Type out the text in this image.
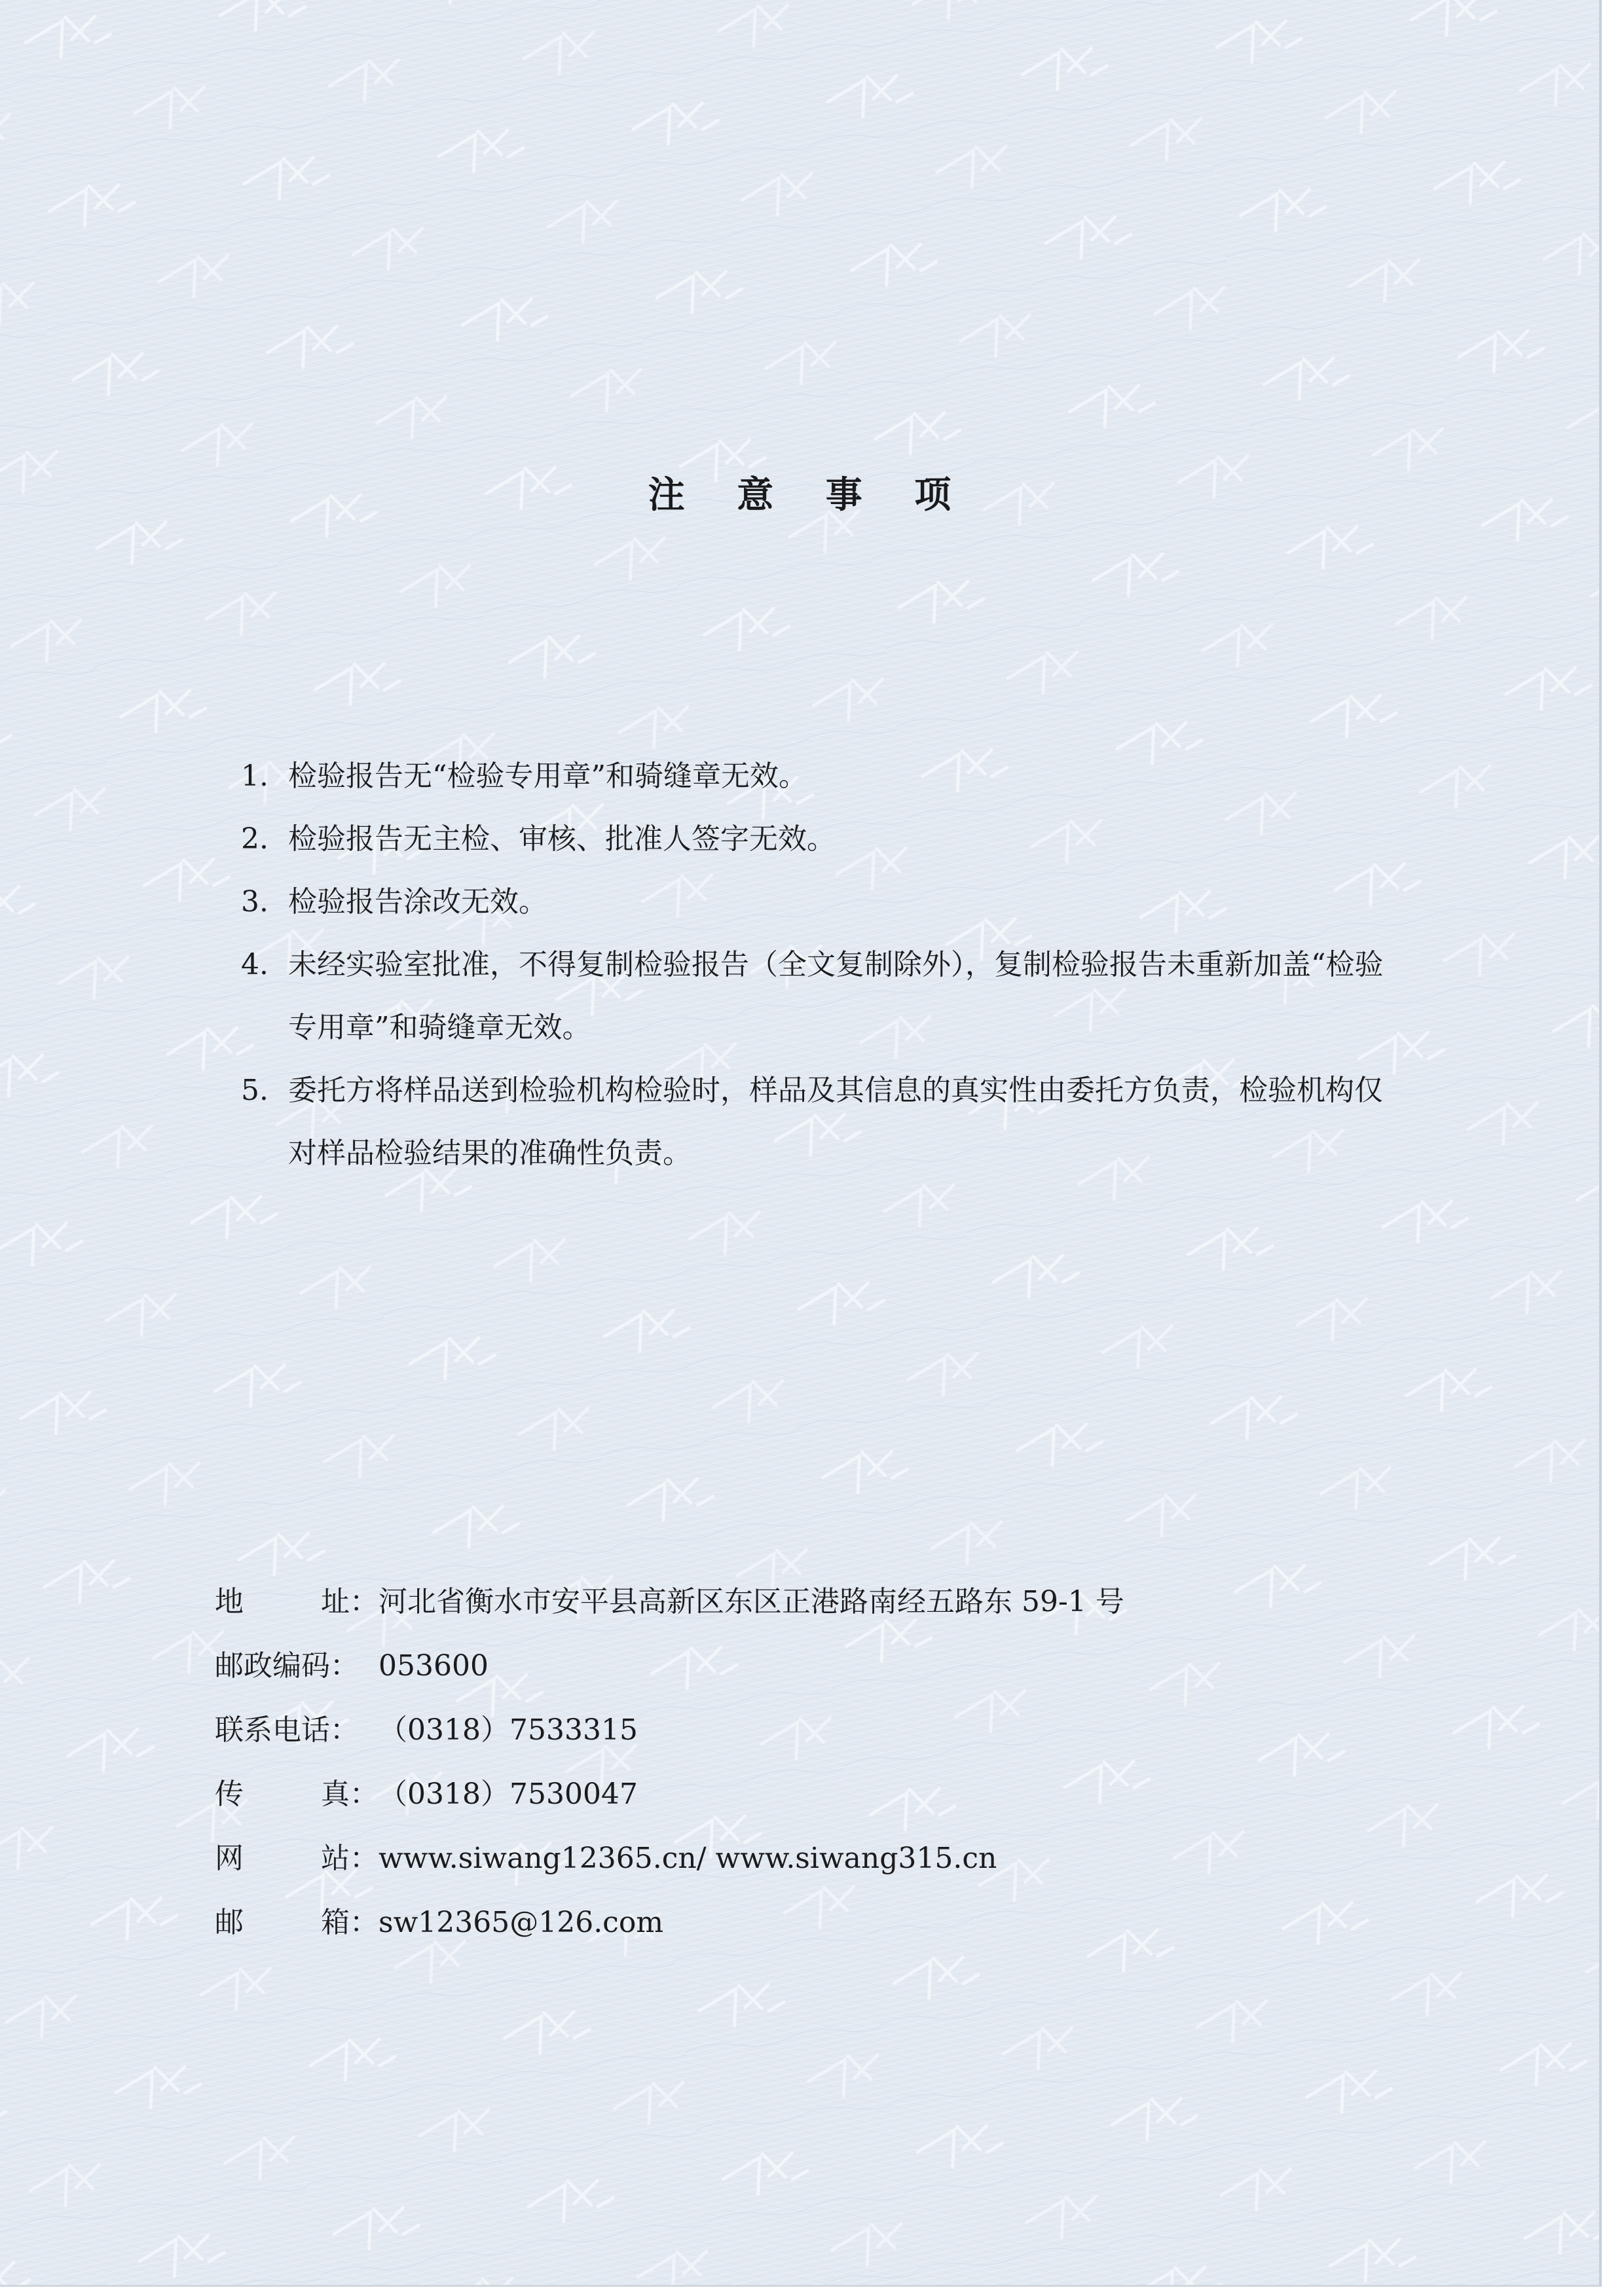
注 意 事 项
1. 检验报告无“检验专用章”和骑缝章无效。
2. 检验报告无主检、审核、批准人签字无效。
3. 检验报告涂改无效。
4. 未经实验室批准，不得复制检验报告（全文复制除外），复制检验报告未重新加盖“检验专用章”和骑缝章无效。
5. 委托方将样品送到检验机构检验时，样品及其信息的真实性由委托方负责，检验机构仅对样品检验结果的准确性负责。
地	址： 河北省衡水市安平县高新区东区正港路南经五路东 59-1 号
邮政编码： 053600
联系电话： （0318）7533315
传	真： （0318）7530047
网	站： www.siwang12365.cn/ www.siwang315.cn
邮	箱： sw12365@126.com
